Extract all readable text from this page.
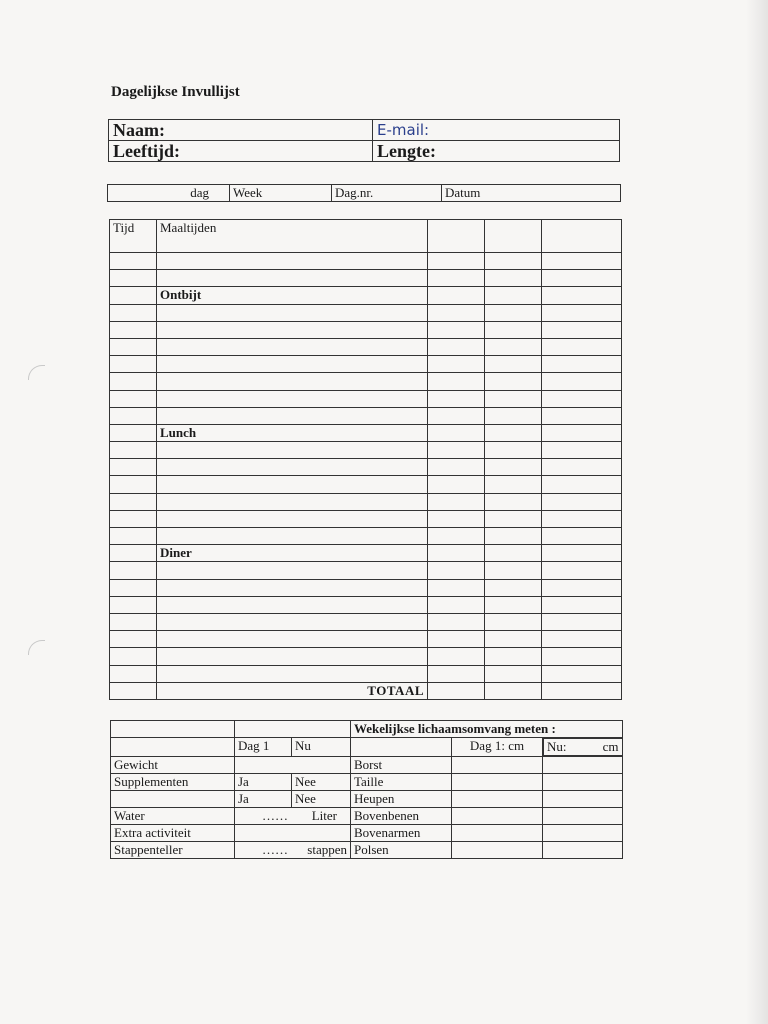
Dagelijkse Invullijst
Naam:	E-mail:
Leeftijd:	Lengte:
dag	Week	Dag.nr.	Datum
Tijd	Maaltijden			

	Ontbijt			

	Lunch			

	Diner			

	TOTAAL			
			Wekelijkse lichaamsomvang meten :		
	Dag 1	Nu		Dag 1: cm	Nu:	cm

Gewicht			Borst		
Supplementen	Ja	Nee	Taille		
	Ja	Nee	Heupen		
Water	…… Liter		Bovenbenen		
Extra activiteit			Bovenarmen		
Stappenteller	…… stappen		Polsen		
